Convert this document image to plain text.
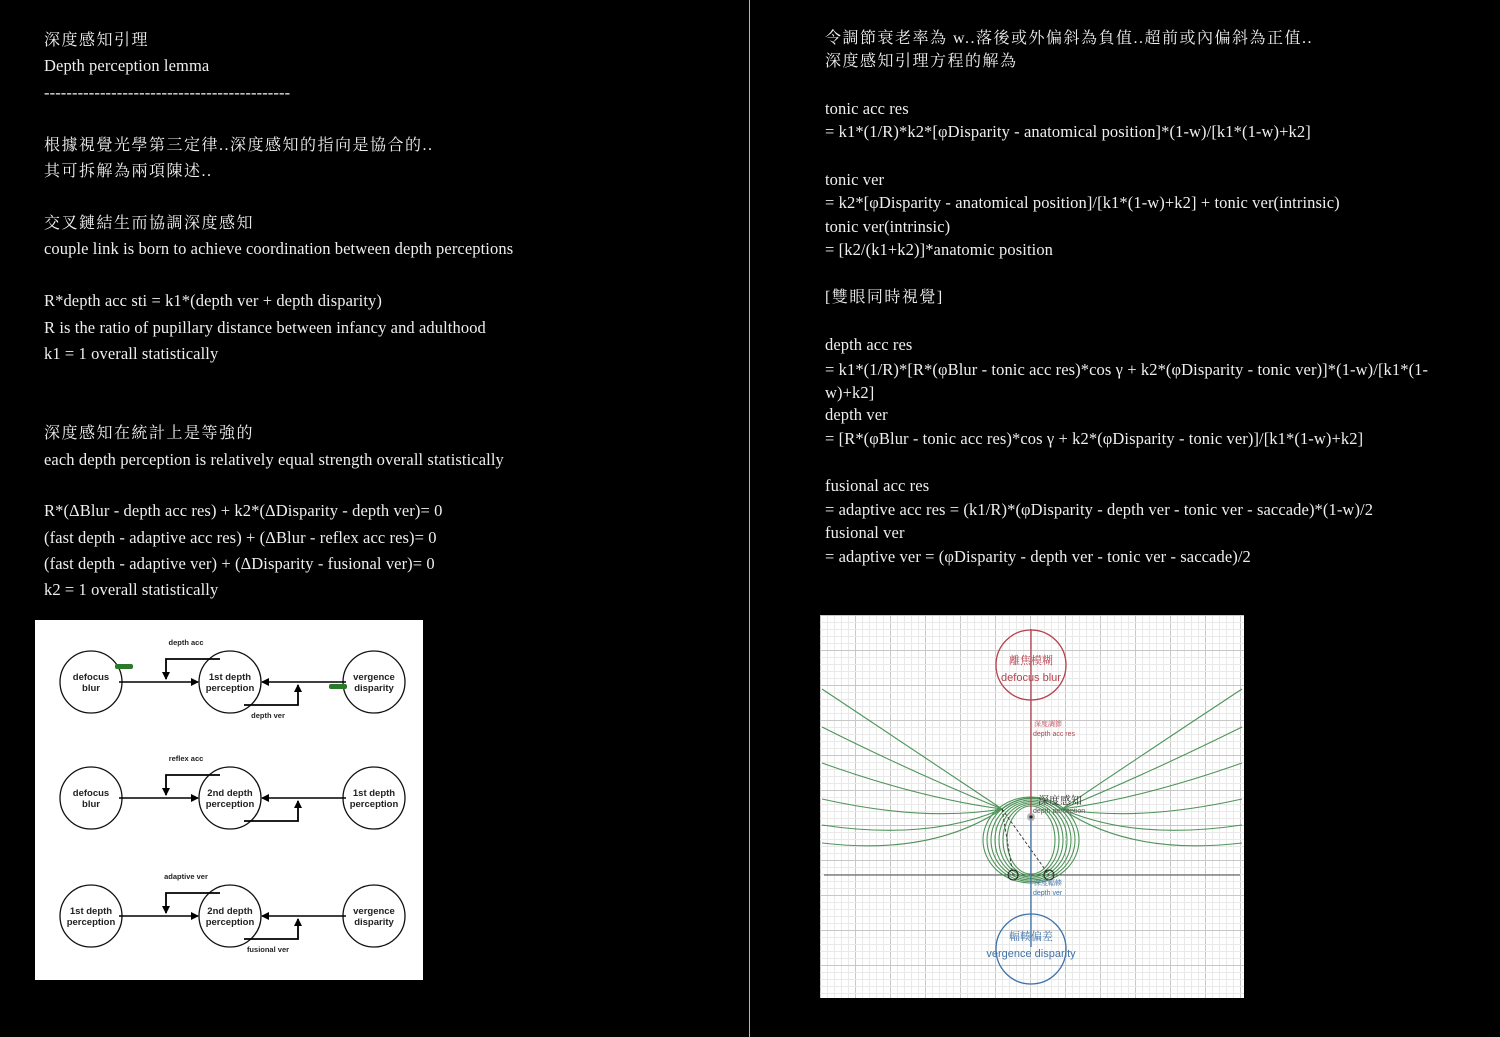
深度感知引理
Depth perception lemma
--------------------------------------------
根據視覺光學第三定律..深度感知的指向是協合的..
其可拆解為兩項陳述..
交叉鏈結生而協調深度感知
couple link is born to achieve coordination between depth perceptions
R*depth acc sti = k1*(depth ver + depth disparity)
R is the ratio of pupillary distance between infancy and adulthood
k1 = 1 overall statistically
深度感知在統計上是等強的
each depth perception is relatively equal strength overall statistically
R*(ΔBlur - depth acc res) + k2*(ΔDisparity - depth ver)= 0
(fast depth - adaptive acc res) + (ΔBlur - reflex acc res)= 0
(fast depth - adaptive ver) + (ΔDisparity - fusional ver)= 0
k2 = 1 overall statistically
defocus
blur
1st depth
perception
vergence
disparity
depth acc
depth ver
defocus
blur
2nd depth
perception
1st depth
perception
reflex acc
1st depth
perception
2nd depth
perception
vergence
disparity
adaptive ver
fusional ver
令調節衰老率為 w..落後或外偏斜為負值..超前或內偏斜為正值..
深度感知引理方程的解為
tonic acc res
= k1*(1/R)*k2*[φDisparity - anatomical position]*(1-w)/[k1*(1-w)+k2]
tonic ver
= k2*[φDisparity - anatomical position]/[k1*(1-w)+k2] + tonic ver(intrinsic)
tonic ver(intrinsic)
= [k2/(k1+k2)]*anatomic position
[雙眼同時視覺]
depth acc res
= k1*(1/R)*[R*(φBlur - tonic acc res)*cos γ + k2*(φDisparity - tonic ver)]*(1-w)/[k1*(1-w)+k2]
depth ver
= [R*(φBlur - tonic acc res)*cos γ + k2*(φDisparity - tonic ver)]/[k1*(1-w)+k2]
fusional acc res
= adaptive acc res = (k1/R)*(φDisparity - depth ver - tonic ver - saccade)*(1-w)/2
fusional ver
= adaptive ver = (φDisparity - depth ver - tonic ver - saccade)/2
離焦模糊
defocus blur
深度調節
depth acc res
輻輳偏差
vergence disparity
深度輻輳
depth ver
深度感知
depth perception
